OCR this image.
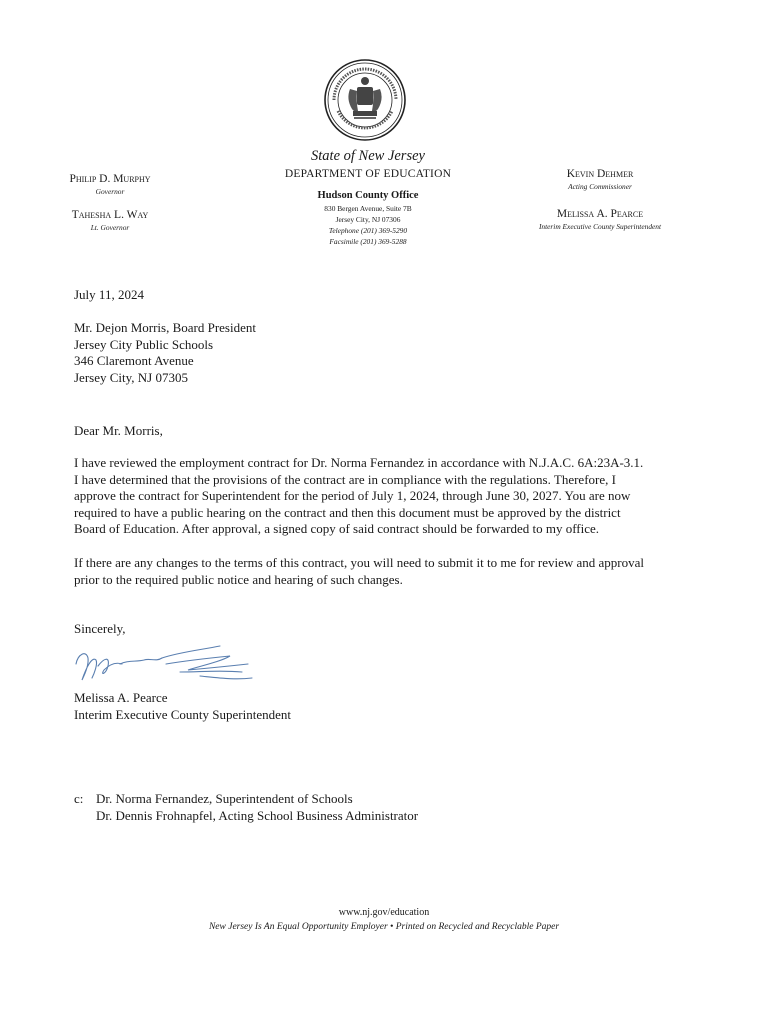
State of New Jersey
DEPARTMENT OF EDUCATION
Hudson County Office
830 Bergen Avenue, Suite 7B
Jersey City, NJ 07306
Telephone (201) 369-5290
Facsimile (201) 369-5288
Philip D. Murphy
Governor
Tahesha L. Way
Lt. Governor
Kevin Dehmer
Acting Commissioner
Melissa A. Pearce
Interim Executive County Superintendent
July 11, 2024
Mr. Dejon Morris, Board President
Jersey City Public Schools
346 Claremont Avenue
Jersey City, NJ 07305
Dear Mr. Morris,

I have reviewed the employment contract for Dr. Norma Fernandez in accordance with N.J.A.C. 6A:23A-3.1.

I have determined that the provisions of the contract are in compliance with the regulations. Therefore, I

approve the contract for Superintendent for the period of July 1, 2024, through June 30, 2027. You are now

required to have a public hearing on the contract and then this document must be approved by the district

Board of Education. After approval, a signed copy of said contract should be forwarded to my office.

If there are any changes to the terms of this contract, you will need to submit it to me for review and approval

prior to the required public notice and hearing of such changes.

Sincerely,
Melissa A. Pearce
Interim Executive County Superintendent
c: Dr. Norma Fernandez, Superintendent of Schools
Dr. Dennis Frohnapfel, Acting School Business Administrator
www.nj.gov/education
New Jersey Is An Equal Opportunity Employer • Printed on Recycled and Recyclable Paper
